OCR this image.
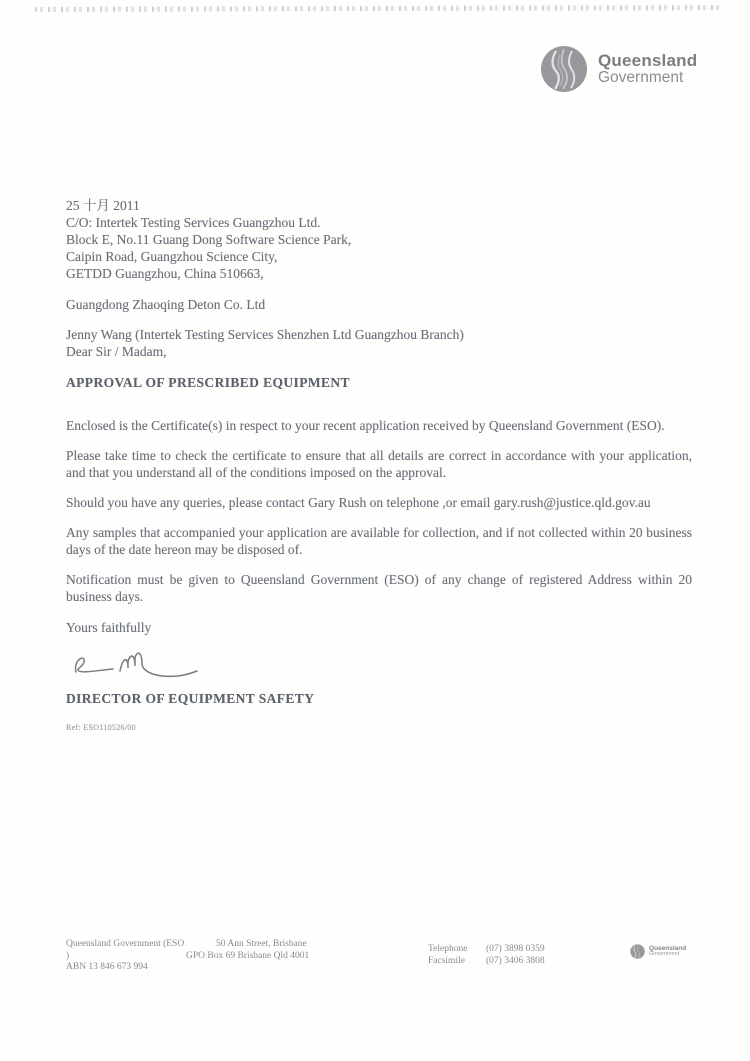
Queensland
Government
25 十月 2011
C/O: Intertek Testing Services Guangzhou Ltd.
Block E, No.11 Guang Dong Software Science Park,
Caipin Road, Guangzhou Science City,
GETDD Guangzhou, China 510663,
Guangdong Zhaoqing Deton Co. Ltd
Jenny Wang (Intertek Testing Services Shenzhen Ltd Guangzhou Branch)
Dear Sir / Madam,
APPROVAL OF PRESCRIBED EQUIPMENT

Enclosed is the Certificate(s) in respect to your recent application received by Queensland Government (ESO).

Please take time to check the certificate to ensure that all details are correct in accordance with your application, and that you understand all of the conditions imposed on the approval.

Should you have any queries, please contact Gary Rush on telephone ,or email gary.rush@justice.qld.gov.au

Any samples that accompanied your application are available for collection, and if not collected within 20 business days of the date hereon may be disposed of.

Notification must be given to Queensland Government (ESO) of any change of registered Address within 20 business days.

Yours faithfully
DIRECTOR OF EQUIPMENT SAFETY
Ref: ESO110526/00
Queensland Government (ESO
)
ABN 13 846 673 994
50 Ann Street, Brisbane
GPO Box 69 Brisbane Qld 4001
Telephone	(07) 3898 0359
Facsimile	(07) 3406 3808
Queensland
Government
